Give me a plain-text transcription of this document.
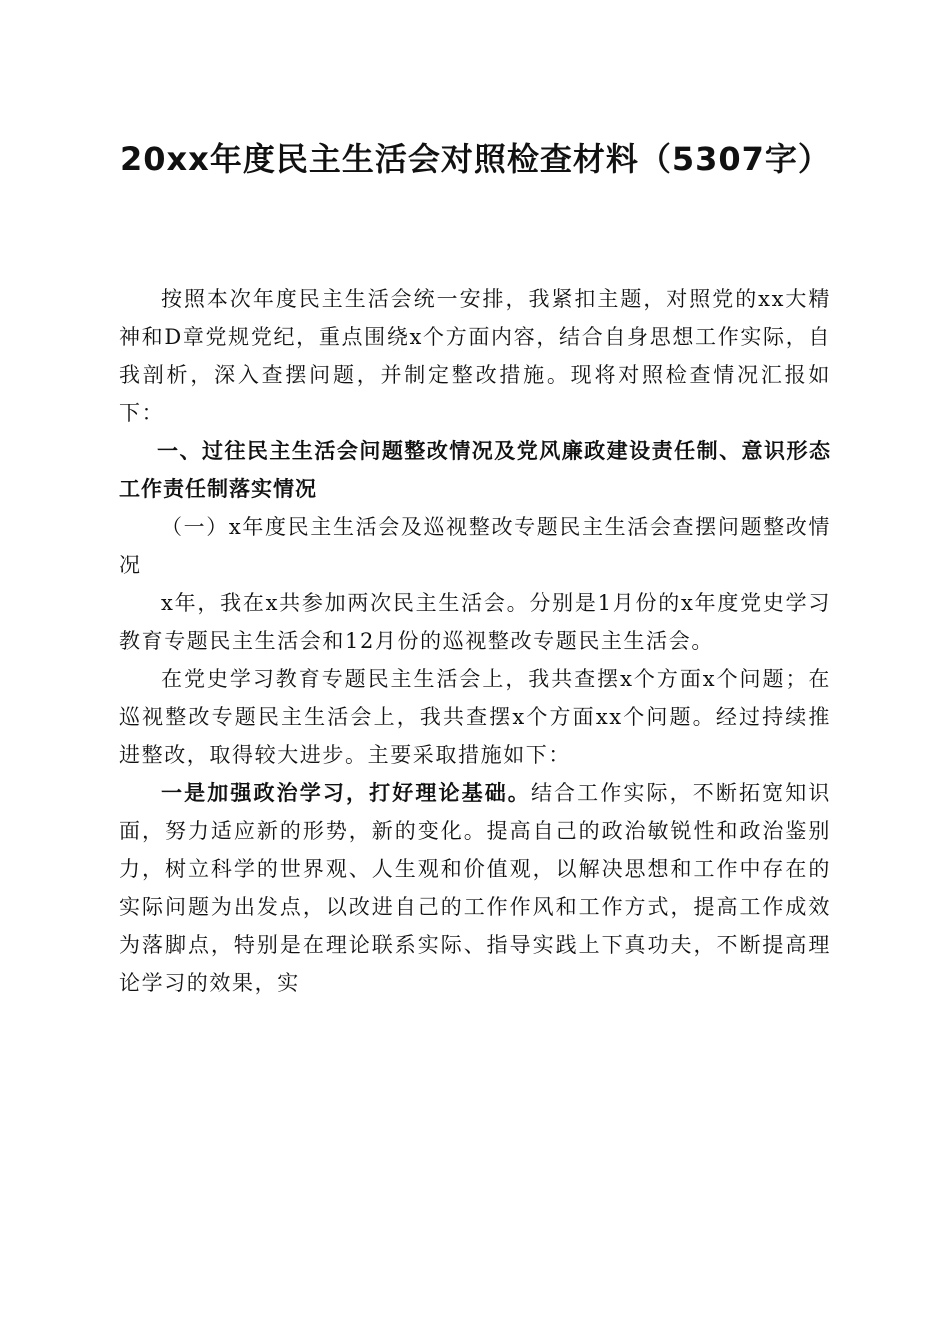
20xx年度民主生活会对照检查材料（5307字）

按照本次年度民主生活会统一安排，我紧扣主题，对照党的xx大精神和D章党规党纪，重点围绕x个方面内容，结合自身思想工作实际，自我剖析，深入查摆问题，并制定整改措施。现将对照检查情况汇报如下：

一、过往民主生活会问题整改情况及党风廉政建设责任制、意识形态工作责任制落实情况

（一）x年度民主生活会及巡视整改专题民主生活会查摆问题整改情况

x年，我在x共参加两次民主生活会。分别是1月份的x年度党史学习教育专题民主生活会和12月份的巡视整改专题民主生活会。

在党史学习教育专题民主生活会上，我共查摆x个方面x个问题；在巡视整改专题民主生活会上，我共查摆x个方面xx个问题。经过持续推进整改，取得较大进步。主要采取措施如下：

一是加强政治学习，打好理论基础。结合工作实际，不断拓宽知识面，努力适应新的形势，新的变化。提高自己的政治敏锐性和政治鉴别力，树立科学的世界观、人生观和价值观，以解决思想和工作中存在的实际问题为出发点，以改进自己的工作作风和工作方式，提高工作成效为落脚点，特别是在理论联系实际、指导实践上下真功夫，不断提高理论学习的效果，实
